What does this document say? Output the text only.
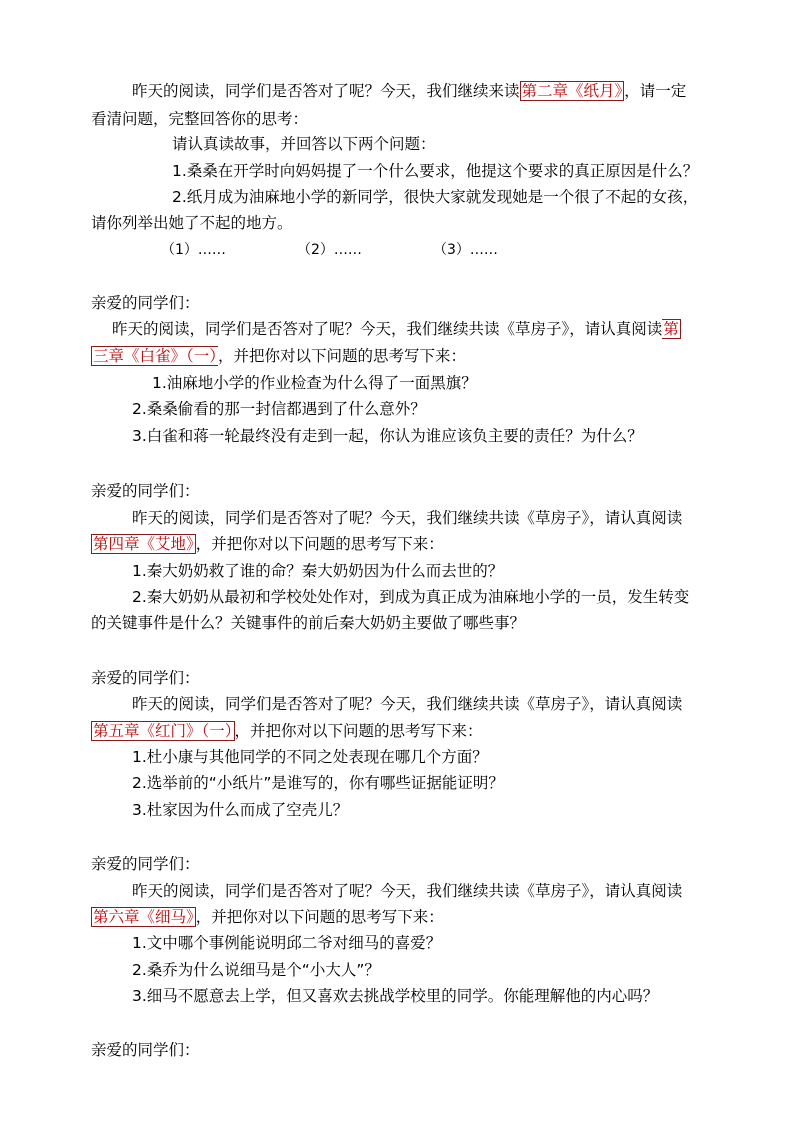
昨天的阅读，同学们是否答对了呢？今天，我们继续来读 第二章《纸月》 ，请一定
看清问题，完整回答你的思考：
请认真读故事，并回答以下两个问题：
1.桑桑在开学时向妈妈提了一个什么要求，他提这个要求的真正原因是什么？
2.纸月成为油麻地小学的新同学，很快大家就发现她是一个很了不起的女孩，
请你列举出她了不起的地方。
（1）……	（2）……	（3）……
亲爱的同学们：
昨天的阅读，同学们是否答对了呢？今天，我们继续共读《草房子》，请认真阅读第
三章《白雀》（一），并把你对以下问题的思考写下来：
1.油麻地小学的作业检查为什么得了一面黑旗？
2.桑桑偷看的那一封信都遇到了什么意外？
3.白雀和蒋一轮最终没有走到一起，你认为谁应该负主要的责任？为什么？
亲爱的同学们：
昨天的阅读，同学们是否答对了呢？今天，我们继续共读《草房子》，请认真阅读
第四章《艾地》 ，并把你对以下问题的思考写下来：
1.秦大奶奶救了谁的命？秦大奶奶因为什么而去世的？
2.秦大奶奶从最初和学校处处作对，到成为真正成为油麻地小学的一员，发生转变
的关键事件是什么？关键事件的前后秦大奶奶主要做了哪些事？
亲爱的同学们：
昨天的阅读，同学们是否答对了呢？今天，我们继续共读《草房子》，请认真阅读
第五章《红门》（一） ，并把你对以下问题的思考写下来：
1.杜小康与其他同学的不同之处表现在哪几个方面？
2.选举前的“小纸片”是谁写的，你有哪些证据能证明？
3.杜家因为什么而成了空壳儿？
亲爱的同学们：
昨天的阅读，同学们是否答对了呢？今天，我们继续共读《草房子》，请认真阅读
第六章《细马》 ，并把你对以下问题的思考写下来：
1.文中哪个事例能说明邱二爷对细马的喜爱？
2.桑乔为什么说细马是个“小大人”？
3.细马不愿意去上学，但又喜欢去挑战学校里的同学。你能理解他的内心吗？
亲爱的同学们：
